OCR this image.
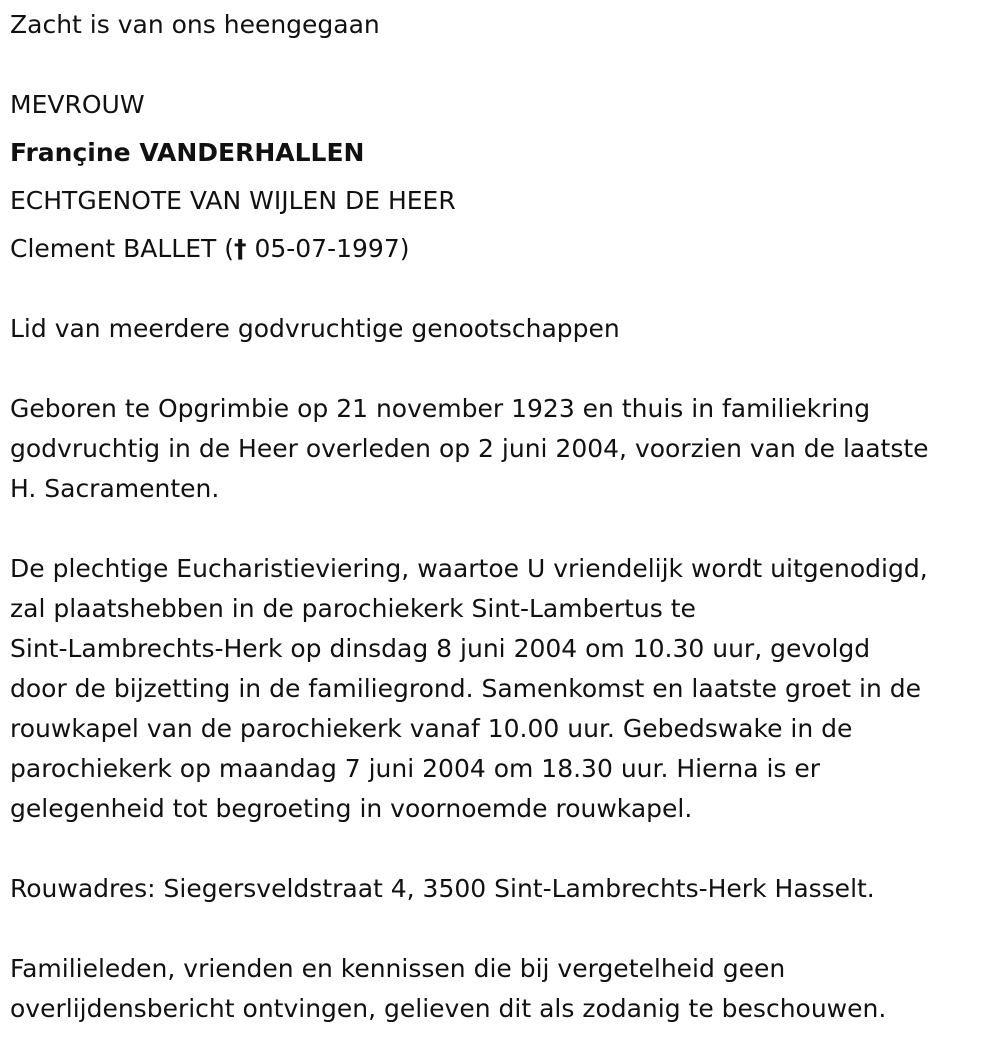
Zacht is van ons heengegaan
MEVROUW
Françine VANDERHALLEN
ECHTGENOTE VAN WIJLEN DE HEER
Clement BALLET († 05-07-1997)
Lid van meerdere godvruchtige genootschappen
Geboren te Opgrimbie op 21 november 1923 en thuis in familiekring
godvruchtig in de Heer overleden op 2 juni 2004, voorzien van de laatste
H. Sacramenten.
De plechtige Eucharistieviering, waartoe U vriendelijk wordt uitgenodigd,
zal plaatshebben in de parochiekerk Sint-Lambertus te
Sint-Lambrechts-Herk op dinsdag 8 juni 2004 om 10.30 uur, gevolgd
door de bijzetting in de familiegrond. Samenkomst en laatste groet in de
rouwkapel van de parochiekerk vanaf 10.00 uur. Gebedswake in de
parochiekerk op maandag 7 juni 2004 om 18.30 uur. Hierna is er
gelegenheid tot begroeting in voornoemde rouwkapel.
Rouwadres: Siegersveldstraat 4, 3500 Sint-Lambrechts-Herk Hasselt.
Familieleden, vrienden en kennissen die bij vergetelheid geen
overlijdensbericht ontvingen, gelieven dit als zodanig te beschouwen.
